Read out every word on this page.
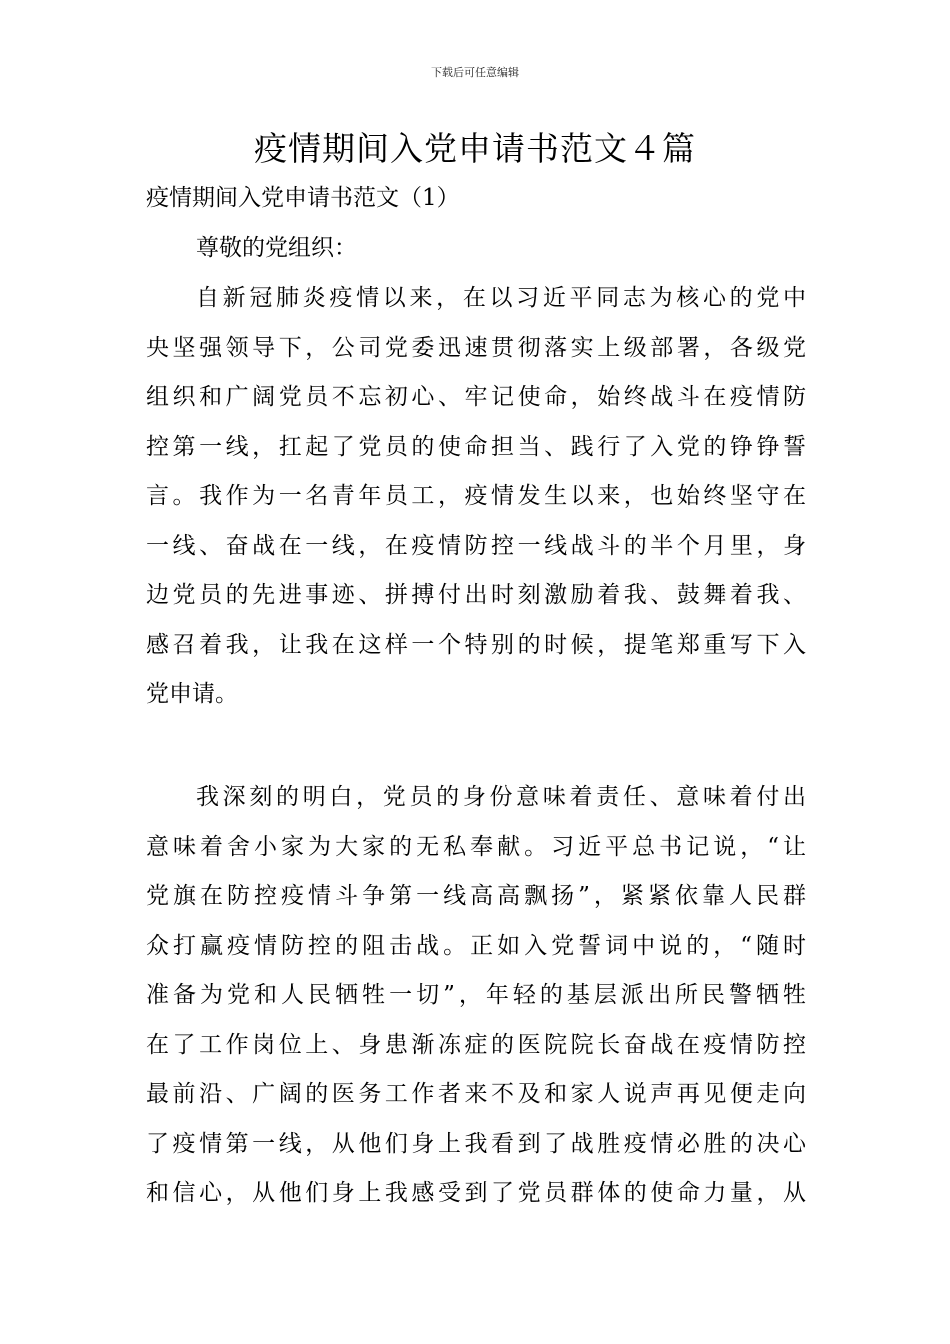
下载后可任意编辑
疫情期间入党申请书范文４篇
疫情期间入党申请书范文（1）
尊敬的党组织：
自新冠肺炎疫情以来，在以习近平同志为核心的党中
央坚强领导下，公司党委迅速贯彻落实上级部署，各级党
组织和广阔党员不忘初心、牢记使命，始终战斗在疫情防
控第一线，扛起了党员的使命担当、践行了入党的铮铮誓
言。我作为一名青年员工，疫情发生以来，也始终坚守在
一线、奋战在一线，在疫情防控一线战斗的半个月里，身
边党员的先进事迹、拼搏付出时刻激励着我、鼓舞着我、
感召着我，让我在这样一个特别的时候，提笔郑重写下入
党申请。
我深刻的明白，党员的身份意味着责任、意味着付出
意味着舍小家为大家的无私奉献。习近平总书记说，“让
党旗在防控疫情斗争第一线高高飘扬”，紧紧依靠人民群
众打赢疫情防控的阻击战。正如入党誓词中说的，“随时
准备为党和人民牺牲一切”，年轻的基层派出所民警牺牲
在了工作岗位上、身患渐冻症的医院院长奋战在疫情防控
最前沿、广阔的医务工作者来不及和家人说声再见便走向
了疫情第一线，从他们身上我看到了战胜疫情必胜的决心
和信心，从他们身上我感受到了党员群体的使命力量，从
